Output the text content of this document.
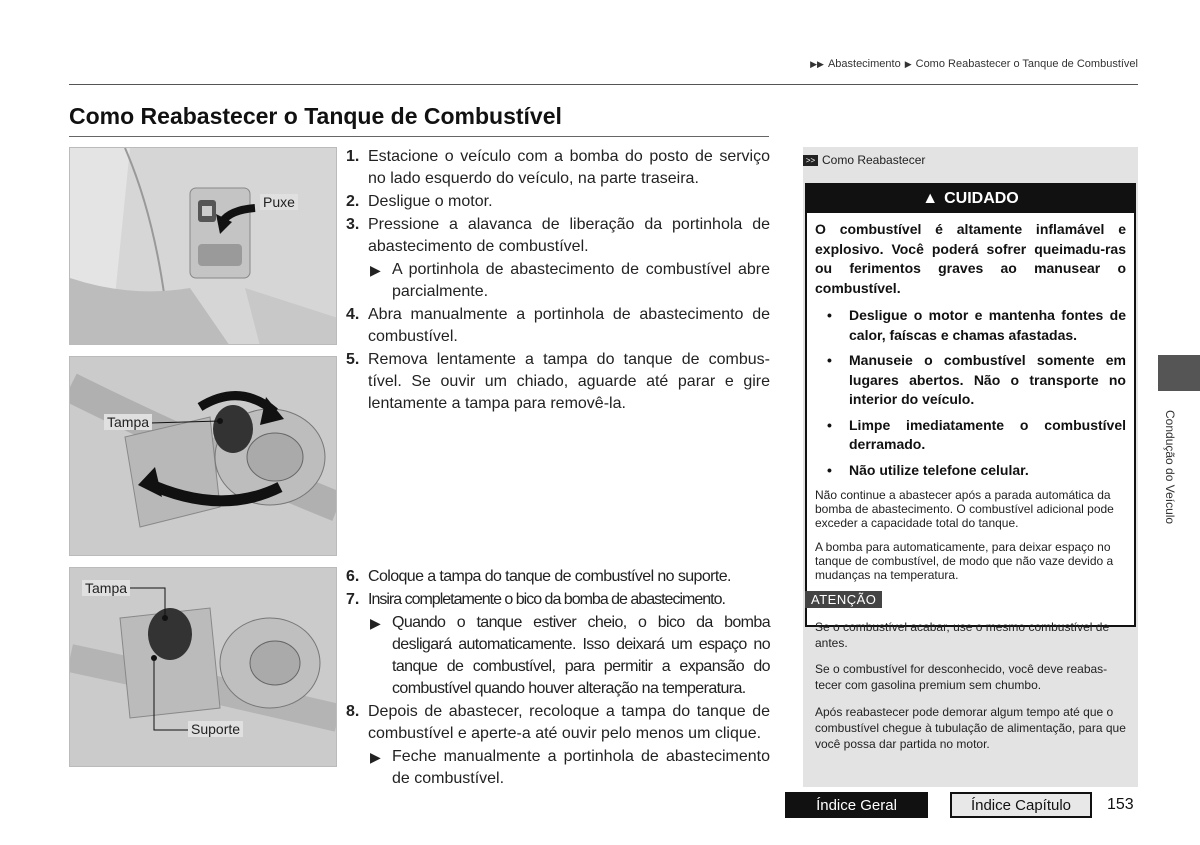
▶▶ Abastecimento ▶ Como Reabastecer o Tanque de Combustível
Como Reabastecer o Tanque de Combustível
Puxe
Tampa
Tampa
Suporte
1. Estacione o veículo com a bomba do posto de serviço no lado esquerdo do veículo, na parte traseira.
2. Desligue o motor.
3. Pressione a alavanca de liberação da portinhola de abastecimento de combustível.
▶ A portinhola de abastecimento de combustível abre parcialmente.
4. Abra manualmente a portinhola de abastecimento de combustível.
5. Remova lentamente a tampa do tanque de combus-tível. Se ouvir um chiado, aguarde até parar e gire lentamente a tampa para removê-la.
6. Coloque a tampa do tanque de combustível no suporte.
7. Insira completamente o bico da bomba de abastecimento.
▶ Quando o tanque estiver cheio, o bico da bomba desligará automaticamente. Isso deixará um espaço no tanque de combustível, para permitir a expansão do combustível quando houver alteração na temperatura.
8. Depois de abastecer, recoloque a tampa do tanque de combustível e aperte-a até ouvir pelo menos um clique.
▶ Feche manualmente a portinhola de abastecimento de combustível.
>> Como Reabastecer
▲ CUIDADO

O combustível é altamente inflamável e explosivo. Você poderá sofrer queimadu-ras ou ferimentos graves ao manusear o combustível.

•	Desligue o motor e mantenha fontes de calor, faíscas e chamas afastadas.
•	Manuseie o combustível somente em lugares abertos. Não o transporte no interior do veículo.
•	Limpe imediatamente o combustível derramado.
•	Não utilize telefone celular.
Não continue a abastecer após a parada automática da bomba de abastecimento. O combustível adicional pode exceder a capacidade total do tanque.
A bomba para automaticamente, para deixar espaço no tanque de combustível, de modo que não vaze devido a mudanças na temperatura.
ATENÇÃO
Se o combustível acabar, use o mesmo combustível de antes.
Se o combustível for desconhecido, você deve reabas-tecer com gasolina premium sem chumbo.
Após reabastecer pode demorar algum tempo até que o combustível chegue à tubulação de alimentação, para que você possa dar partida no motor.
Condução do Veículo
Índice Geral	Índice Capítulo	153
